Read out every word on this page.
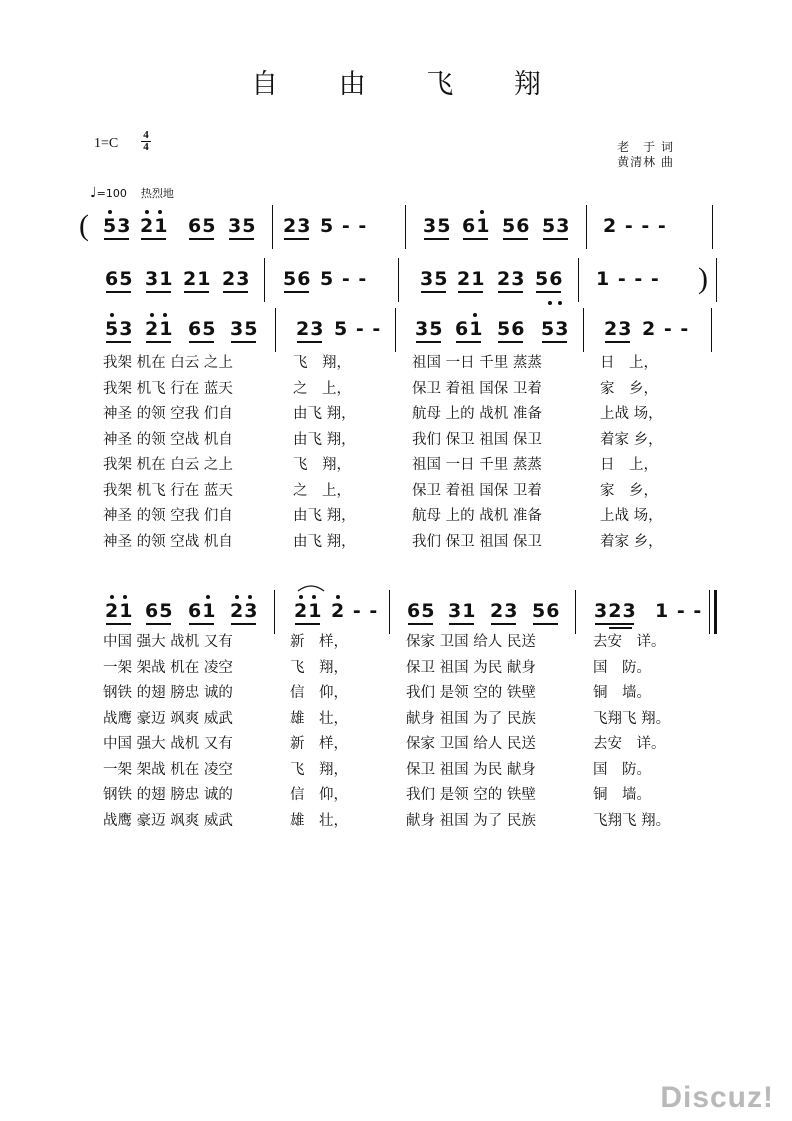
自 由 飞 翔
1=C
4
4	老　于 词
黄清林 曲
♩=100 热烈地
( 53 21 65 35 23 5 - -	35 61 56 53 2 - - -
)
65 31 21 23 56 5 - -	35 21 23 56 1 - - -
53 21 65 35 23 5 - - 35 61 56 53 23 2 - -
我架 机在 白云 之上	飞　翔，	祖国 一日 千里 蒸蒸	日　上，
我架 机飞 行在 蓝天	之　上，	保卫 着祖 国保 卫着	家　乡，
神圣 的领 空我 们自	由飞 翔，	航母 上的 战机 准备	上战 场，
神圣 的领 空战 机自	由飞 翔，	我们 保卫 祖国 保卫	着家 乡，
我架 机在 白云 之上	飞　翔，	祖国 一日 千里 蒸蒸	日　上，
我架 机飞 行在 蓝天	之　上，	保卫 着祖 国保 卫着	家　乡，
神圣 的领 空我 们自	由飞 翔，	航母 上的 战机 准备	上战 场，
神圣 的领 空战 机自	由飞 翔，	我们 保卫 祖国 保卫	着家 乡，
21 65 61 23 21 2 - - 65 31 23 56 323 1 - -
中国 强大 战机 又有	新　样，	保家 卫国 给人 民送	去安　详。
一架 架战 机在 凌空	飞　翔，	保卫 祖国 为民 献身	国　防。
钢铁 的翅 膀忠 诚的	信　仰，	我们 是领 空的 铁壁	铜　墙。
战鹰 豪迈 飒爽 威武	雄　壮，	献身 祖国 为了 民族	飞翔飞 翔。
中国 强大 战机 又有	新　样，	保家 卫国 给人 民送	去安　详。
一架 架战 机在 凌空	飞　翔，	保卫 祖国 为民 献身	国　防。
钢铁 的翅 膀忠 诚的	信　仰，	我们 是领 空的 铁壁	铜　墙。
战鹰 豪迈 飒爽 威武	雄　壮，	献身 祖国 为了 民族	飞翔飞 翔。
Discuz!
